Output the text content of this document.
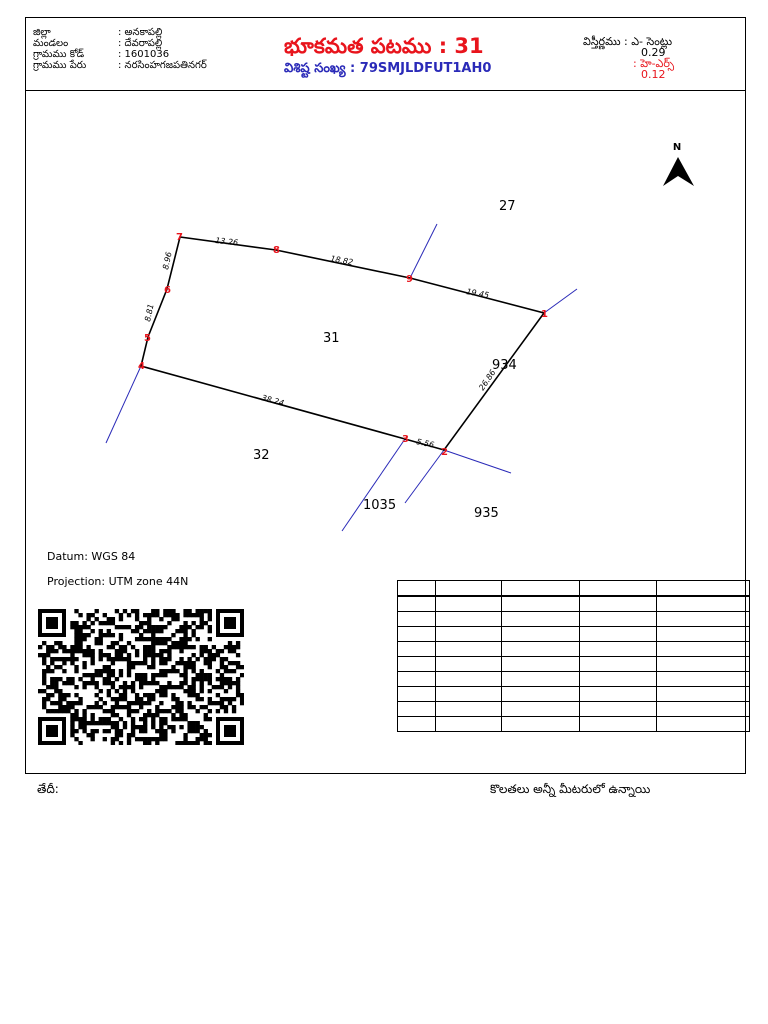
జిల్లా	: అనకాపల్లి
మండలం	: దేవరాపల్లి
గ్రామము కోడ్	: 1601036
గ్రామము పేరు	: నరసింహగజపతినగర్
భూకమత పటము : 31
విశిష్ట సంఖ్య : 79SMJLDFUT1AH0
విస్తీర్ణము : ఎ- సెంట్లు
0.29
: హె-ఎర్స్
0.12
N
31
27
934
32
1035
935
1
2
3
4
5
6
7
8
9
13.26
18.82
19.45
26.86
5.56
38.24
8.81
8.96
Datum: WGS 84
Projection: UTM zone 44N

తేదీ:	కొలతలు అన్నీ మీటరులో ఉన్నాయి
